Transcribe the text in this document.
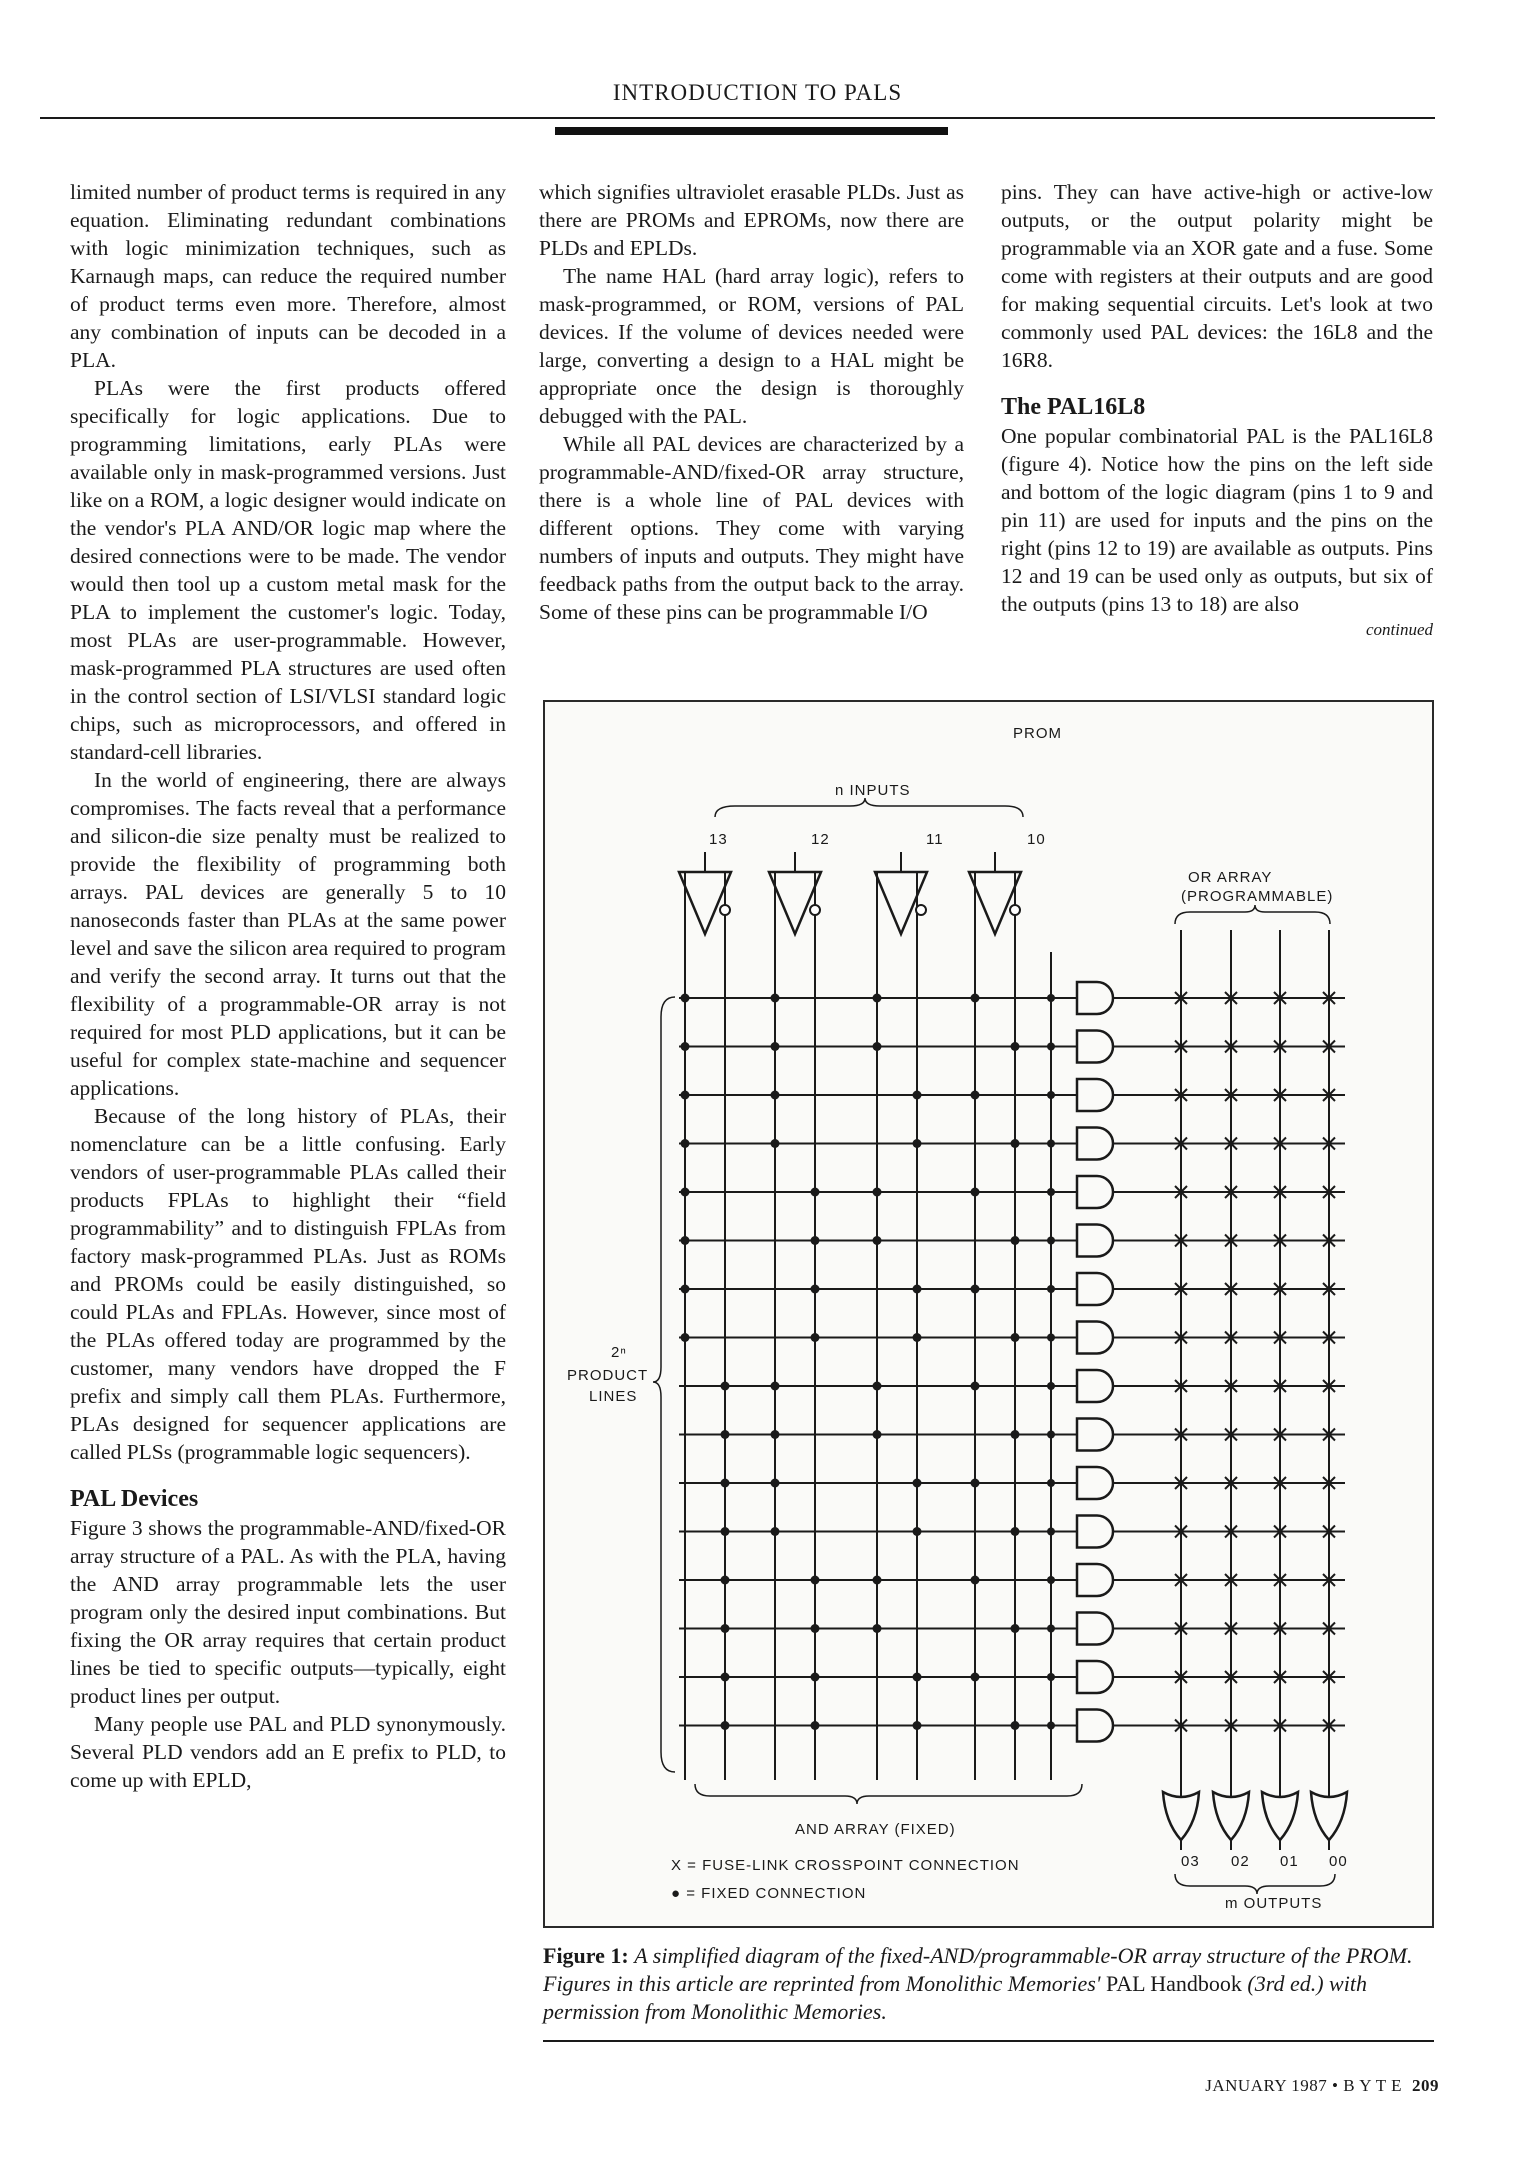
INTRODUCTION TO PALS

limited number of product terms is required in any equation. Eliminating redundant combinations with logic minimization techniques, such as Karnaugh maps, can reduce the required number of product terms even more. Therefore, almost any combination of inputs can be decoded in a PLA.

PLAs were the first products offered specifically for logic applications. Due to programming limitations, early PLAs were available only in mask-programmed versions. Just like on a ROM, a logic designer would indicate on the vendor's PLA AND/OR logic map where the desired connections were to be made. The vendor would then tool up a custom metal mask for the PLA to implement the customer's logic. Today, most PLAs are user-programmable. However, mask-programmed PLA structures are used often in the control section of LSI/VLSI standard logic chips, such as microprocessors, and offered in standard-cell libraries.

In the world of engineering, there are always compromises. The facts reveal that a performance and silicon-die size penalty must be realized to provide the flexibility of programming both arrays. PAL devices are generally 5 to 10 nanoseconds faster than PLAs at the same power level and save the silicon area required to program and verify the second array. It turns out that the flexibility of a programmable-OR array is not required for most PLD applications, but it can be useful for complex state-machine and sequencer applications.

Because of the long history of PLAs, their nomenclature can be a little confusing. Early vendors of user-programmable PLAs called their products FPLAs to highlight their “field programmability” and to distinguish FPLAs from factory mask-programmed PLAs. Just as ROMs and PROMs could be easily distinguished, so could PLAs and FPLAs. However, since most of the PLAs offered today are programmed by the customer, many vendors have dropped the F prefix and simply call them PLAs. Furthermore, PLAs designed for sequencer applications are called PLSs (programmable logic sequencers).

PAL Devices

Figure 3 shows the programmable-AND/fixed-OR array structure of a PAL. As with the PLA, having the AND array programmable lets the user program only the desired input combinations. But fixing the OR array requires that certain product lines be tied to specific outputs—typically, eight product lines per output.

Many people use PAL and PLD synonymously. Several PLD vendors add an E prefix to PLD, to come up with EPLD,

which signifies ultraviolet erasable PLDs. Just as there are PROMs and EPROMs, now there are PLDs and EPLDs.

The name HAL (hard array logic), refers to mask-programmed, or ROM, versions of PAL devices. If the volume of devices needed were large, converting a design to a HAL might be appropriate once the design is thoroughly debugged with the PAL.

While all PAL devices are characterized by a programmable-AND/fixed-OR array structure, there is a whole line of PAL devices with different options. They come with varying numbers of inputs and outputs. They might have feedback paths from the output back to the array. Some of these pins can be programmable I/O

pins. They can have active-high or active-low outputs, or the output polarity might be programmable via an XOR gate and a fuse. Some come with registers at their outputs and are good for making sequential circuits. Let's look at two commonly used PAL devices: the 16L8 and the 16R8.

The PAL16L8

One popular combinatorial PAL is the PAL16L8 (figure 4). Notice how the pins on the left side and bottom of the logic diagram (pins 1 to 9 and pin 11) are used for inputs and the pins on the right (pins 12 to 19) are available as outputs. Pins 12 and 19 can be used only as outputs, but six of the outputs (pins 13 to 18) are also

continued
PROM
n INPUTS
13	12	11	10
OR ARRAY
(PROGRAMMABLE)
2ⁿ
PRODUCT
LINES
AND ARRAY (FIXED)
X = FUSE-LINK CROSSPOINT CONNECTION
● = FIXED CONNECTION
03 02 01 00
m OUTPUTS
Figure 1: A simplified diagram of the fixed-AND/programmable-OR array structure of the PROM. Figures in this article are reprinted from Monolithic Memories' PAL Handbook (3rd ed.) with permission from Monolithic Memories.
JANUARY 1987 • B Y T E 209
